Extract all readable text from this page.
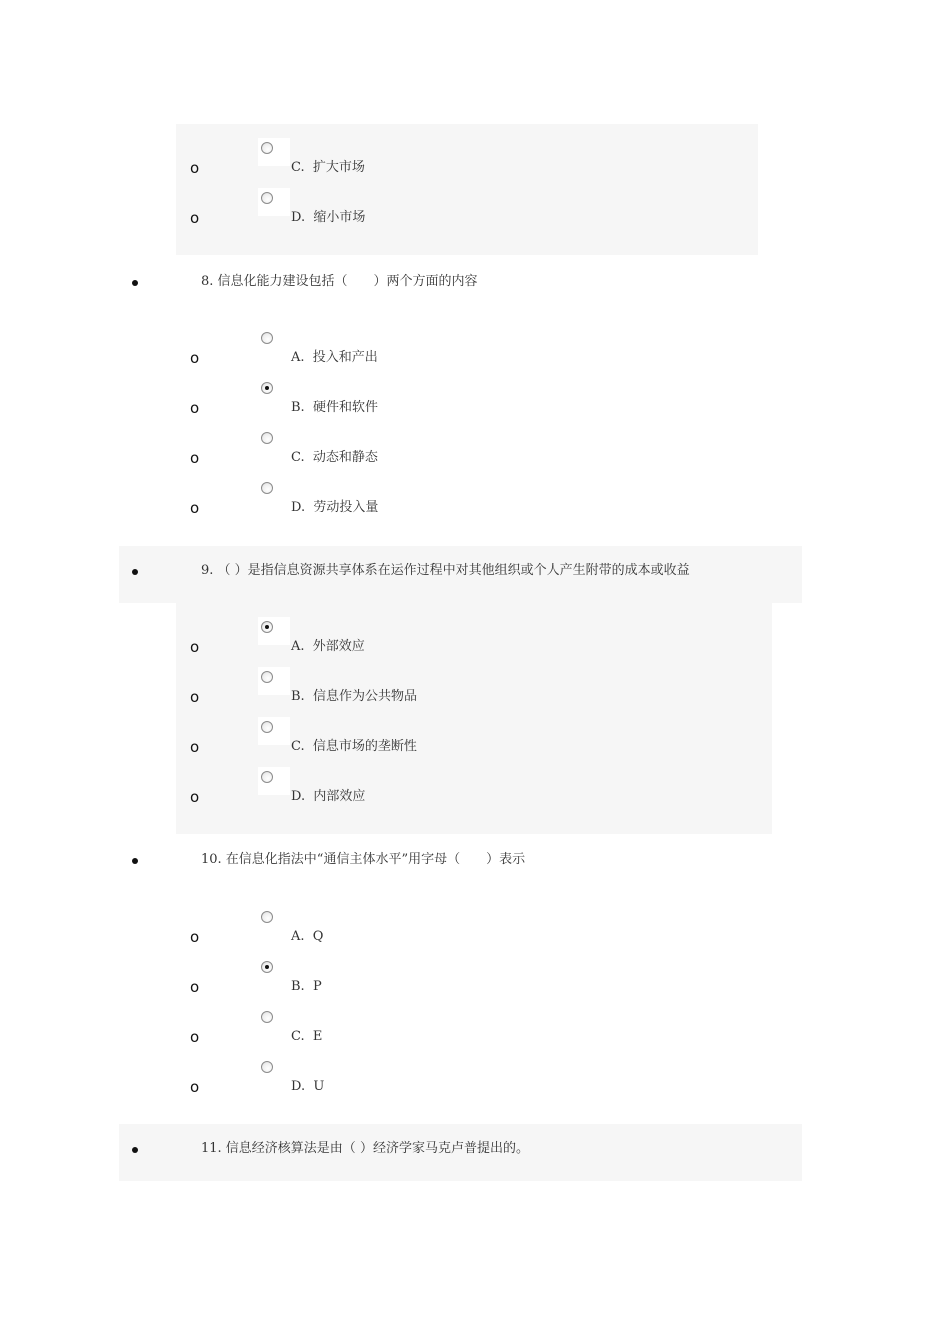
o	C.  扩大市场
o	D.  缩小市场
8. 信息化能力建设包括（　　）两个方面的内容
o	A.  投入和产出
o	B.  硬件和软件
o	C.  动态和静态
o	D.  劳动投入量
9. （ ）是指信息资源共享体系在运作过程中对其他组织或个人产生附带的成本或收益
o	A.  外部效应
o	B.  信息作为公共物品
o	C.  信息市场的垄断性
o	D.  内部效应
10. 在信息化指法中“通信主体水平”用字母（　　）表示
o	A.  Q
o	B.  P
o	C.  E
o	D.  U
11. 信息经济核算法是由（ ）经济学家马克卢普提出的。
